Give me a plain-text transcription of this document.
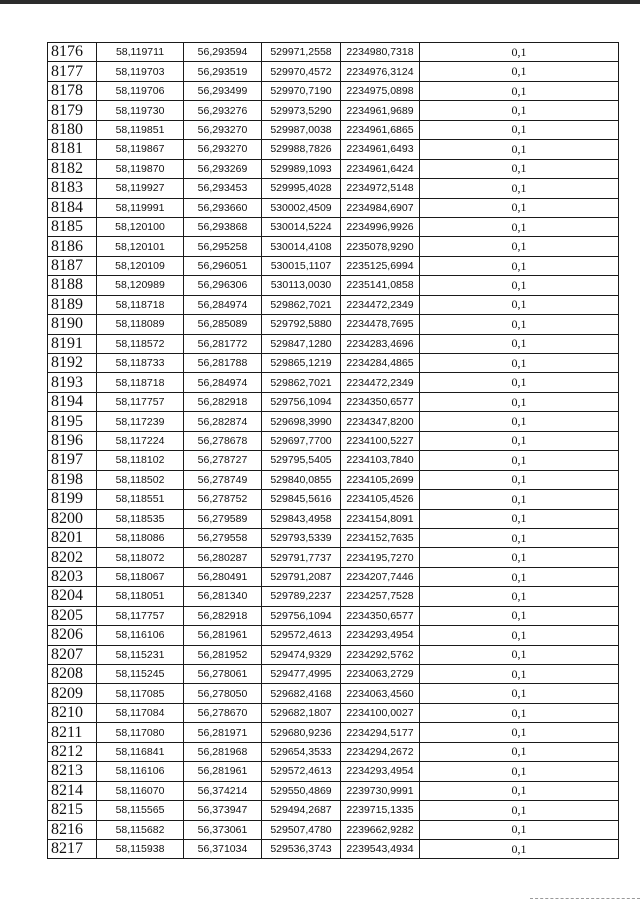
8176	58,119711	56,293594	529971,2558	2234980,7318	0,1
8177	58,119703	56,293519	529970,4572	2234976,3124	0,1
8178	58,119706	56,293499	529970,7190	2234975,0898	0,1
8179	58,119730	56,293276	529973,5290	2234961,9689	0,1
8180	58,119851	56,293270	529987,0038	2234961,6865	0,1
8181	58,119867	56,293270	529988,7826	2234961,6493	0,1
8182	58,119870	56,293269	529989,1093	2234961,6424	0,1
8183	58,119927	56,293453	529995,4028	2234972,5148	0,1
8184	58,119991	56,293660	530002,4509	2234984,6907	0,1
8185	58,120100	56,293868	530014,5224	2234996,9926	0,1
8186	58,120101	56,295258	530014,4108	2235078,9290	0,1
8187	58,120109	56,296051	530015,1107	2235125,6994	0,1
8188	58,120989	56,296306	530113,0030	2235141,0858	0,1
8189	58,118718	56,284974	529862,7021	2234472,2349	0,1
8190	58,118089	56,285089	529792,5880	2234478,7695	0,1
8191	58,118572	56,281772	529847,1280	2234283,4696	0,1
8192	58,118733	56,281788	529865,1219	2234284,4865	0,1
8193	58,118718	56,284974	529862,7021	2234472,2349	0,1
8194	58,117757	56,282918	529756,1094	2234350,6577	0,1
8195	58,117239	56,282874	529698,3990	2234347,8200	0,1
8196	58,117224	56,278678	529697,7700	2234100,5227	0,1
8197	58,118102	56,278727	529795,5405	2234103,7840	0,1
8198	58,118502	56,278749	529840,0855	2234105,2699	0,1
8199	58,118551	56,278752	529845,5616	2234105,4526	0,1
8200	58,118535	56,279589	529843,4958	2234154,8091	0,1
8201	58,118086	56,279558	529793,5339	2234152,7635	0,1
8202	58,118072	56,280287	529791,7737	2234195,7270	0,1
8203	58,118067	56,280491	529791,2087	2234207,7446	0,1
8204	58,118051	56,281340	529789,2237	2234257,7528	0,1
8205	58,117757	56,282918	529756,1094	2234350,6577	0,1
8206	58,116106	56,281961	529572,4613	2234293,4954	0,1
8207	58,115231	56,281952	529474,9329	2234292,5762	0,1
8208	58,115245	56,278061	529477,4995	2234063,2729	0,1
8209	58,117085	56,278050	529682,4168	2234063,4560	0,1
8210	58,117084	56,278670	529682,1807	2234100,0027	0,1
8211	58,117080	56,281971	529680,9236	2234294,5177	0,1
8212	58,116841	56,281968	529654,3533	2234294,2672	0,1
8213	58,116106	56,281961	529572,4613	2234293,4954	0,1
8214	58,116070	56,374214	529550,4869	2239730,9991	0,1
8215	58,115565	56,373947	529494,2687	2239715,1335	0,1
8216	58,115682	56,373061	529507,4780	2239662,9282	0,1
8217	58,115938	56,371034	529536,3743	2239543,4934	0,1
